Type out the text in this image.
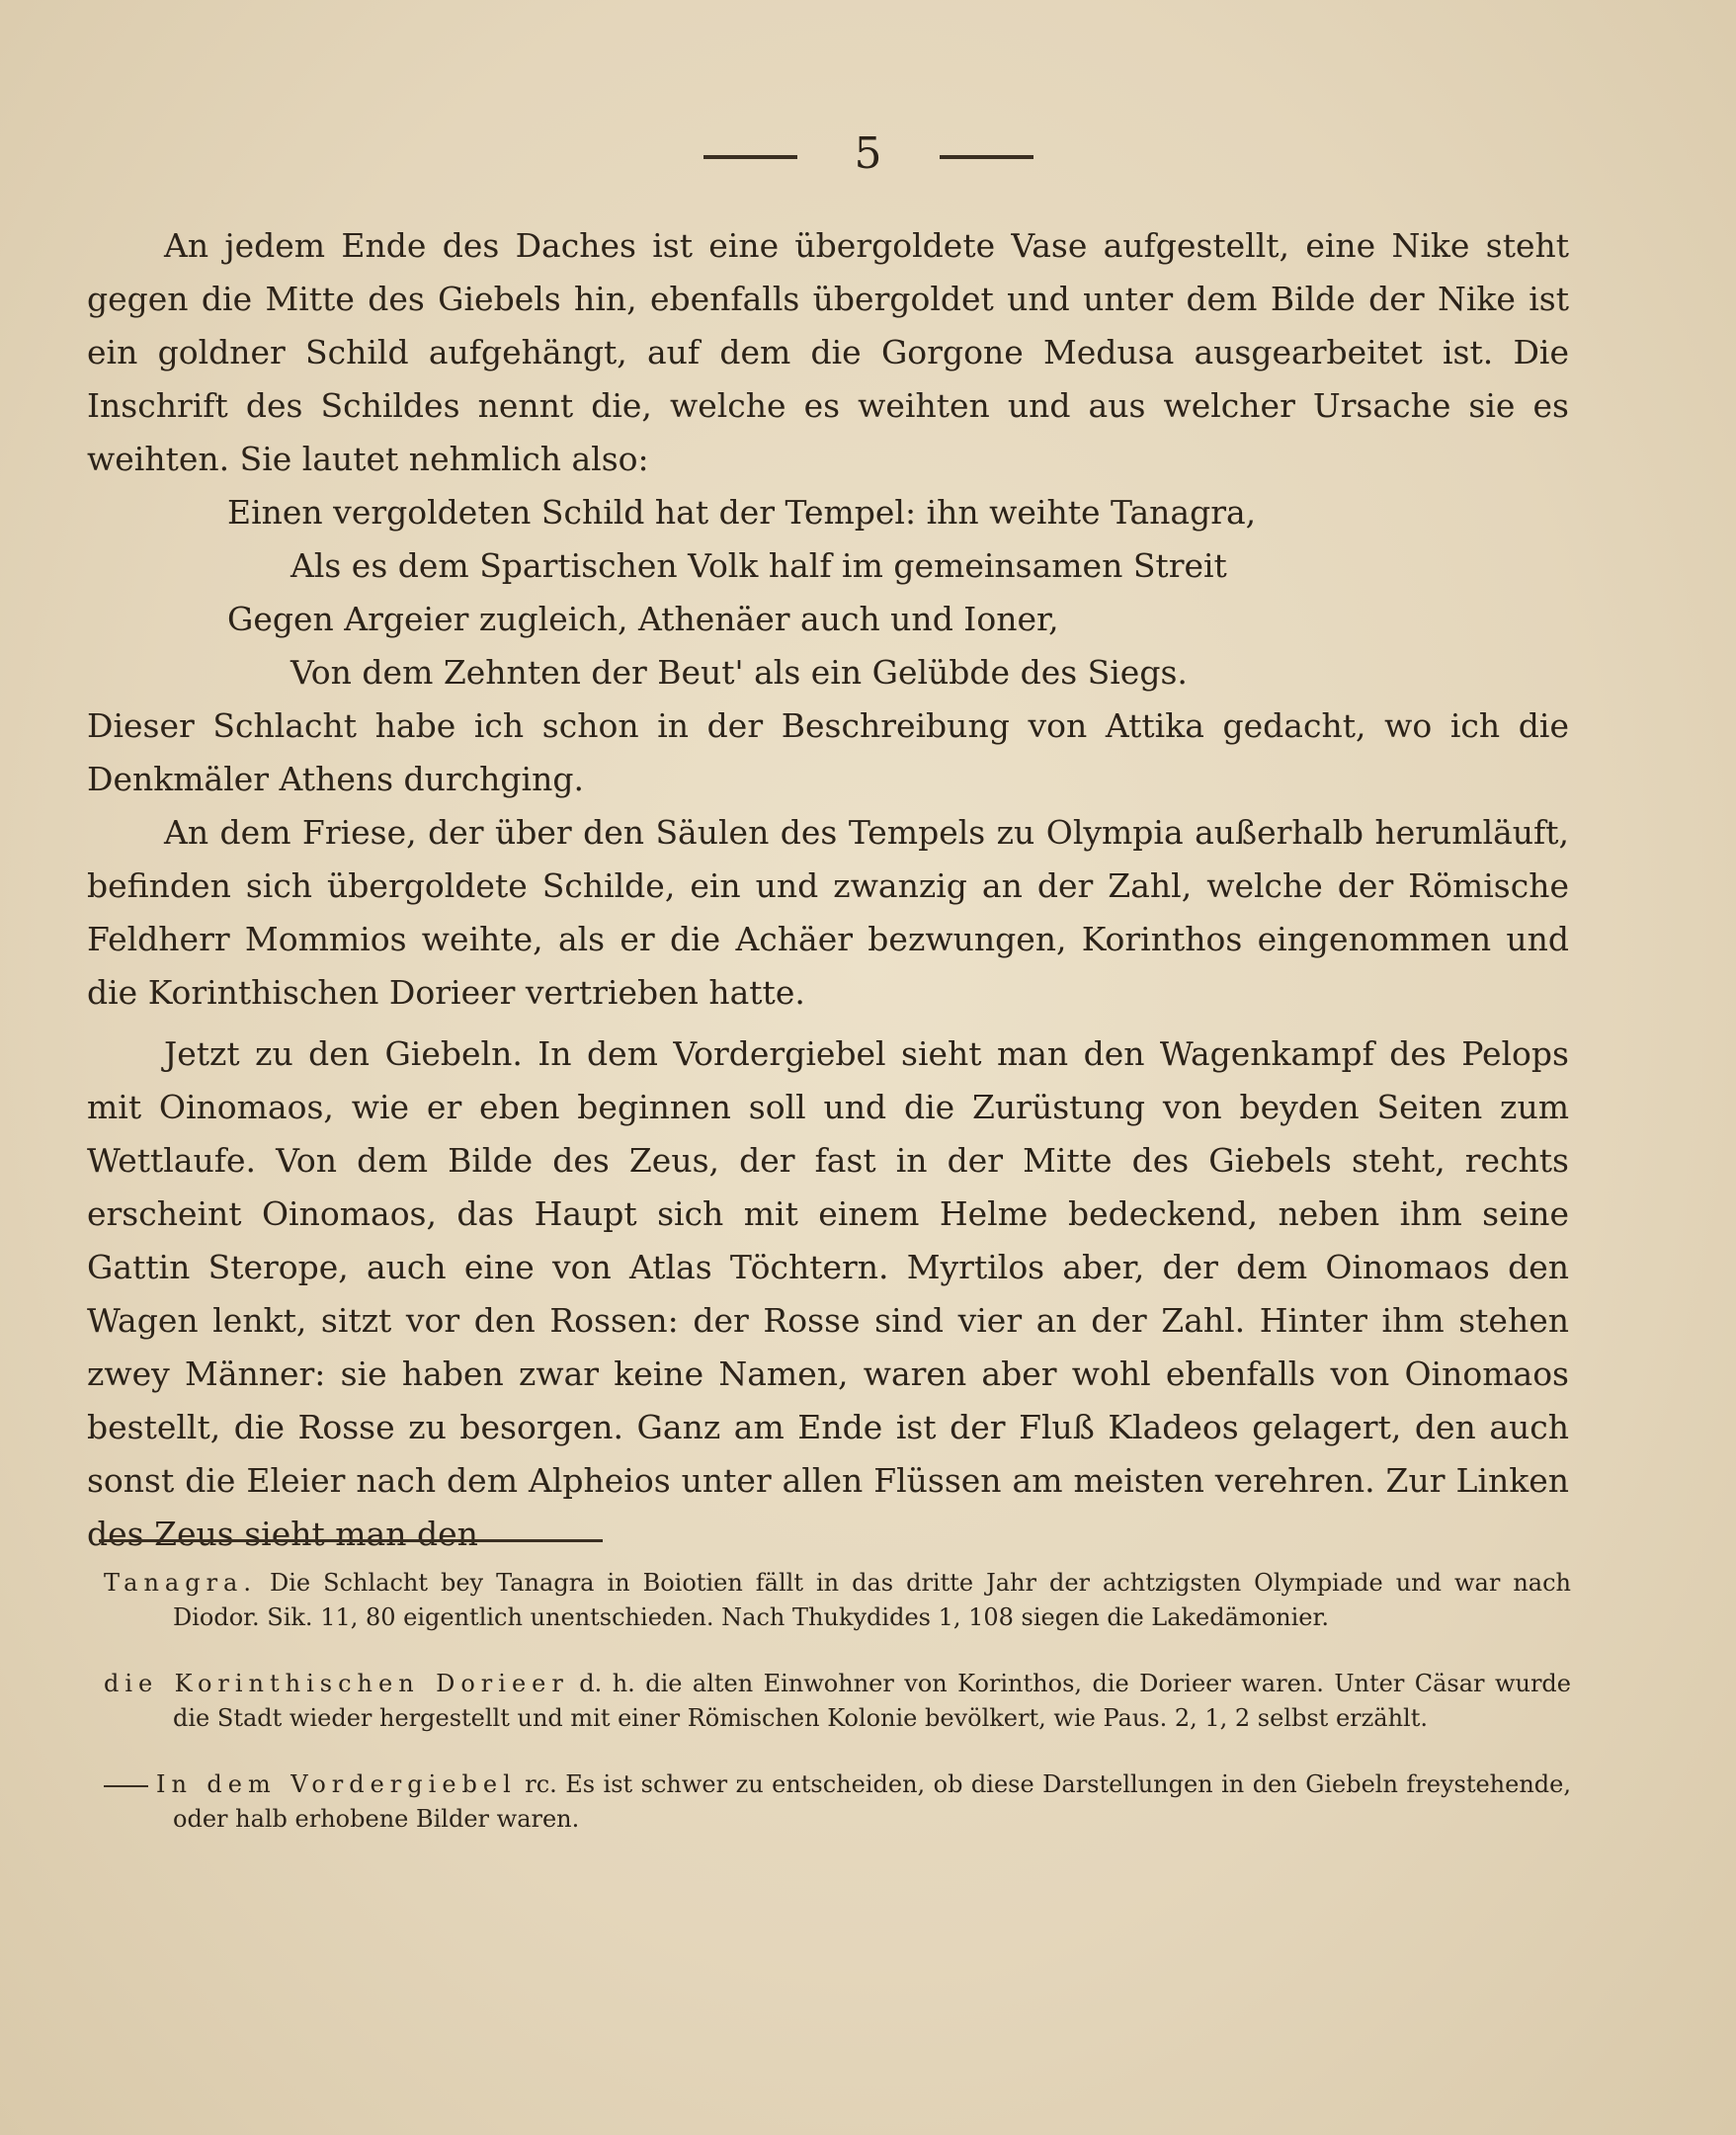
5

An jedem Ende des Daches ist eine übergoldete Vase aufgestellt, eine Nike steht gegen die Mitte des Giebels hin, ebenfalls übergoldet und unter dem Bilde der Nike ist ein goldner Schild aufgehängt, auf dem die Gorgone Medusa ausgearbeitet ist. Die Inschrift des Schildes nennt die, welche es weihten und aus welcher Ursache sie es weihten. Sie lautet nehmlich also:

Einen vergoldeten Schild hat der Tempel: ihn weihte Tanagra,
Als es dem Spartischen Volk half im gemeinsamen Streit
Gegen Argeier zugleich, Athenäer auch und Ioner,
Von dem Zehnten der Beut' als ein Gelübde des Siegs.

Dieser Schlacht habe ich schon in der Beschreibung von Attika gedacht, wo ich die Denkmäler Athens durchging.

An dem Friese, der über den Säulen des Tempels zu Olympia außerhalb herumläuft, befinden sich übergoldete Schilde, ein und zwanzig an der Zahl, welche der Römische Feldherr Mommios weihte, als er die Achäer bezwungen, Korinthos eingenommen und die Korinthischen Dorieer vertrieben hatte.

Jetzt zu den Giebeln. In dem Vordergiebel sieht man den Wagenkampf des Pelops mit Oinomaos, wie er eben beginnen soll und die Zurüstung von beyden Seiten zum Wettlaufe. Von dem Bilde des Zeus, der fast in der Mitte des Giebels steht, rechts erscheint Oinomaos, das Haupt sich mit einem Helme bedeckend, neben ihm seine Gattin Sterope, auch eine von Atlas Töchtern. Myrtilos aber, der dem Oinomaos den Wagen lenkt, sitzt vor den Rossen: der Rosse sind vier an der Zahl. Hinter ihm stehen zwey Männer: sie haben zwar keine Namen, waren aber wohl ebenfalls von Oinomaos bestellt, die Rosse zu besorgen. Ganz am Ende ist der Fluß Kladeos gelagert, den auch sonst die Eleier nach dem Alpheios unter allen Flüssen am meisten verehren. Zur Linken des Zeus sieht man den

Tanagra. Die Schlacht bey Tanagra in Boiotien fällt in das dritte Jahr der achtzigsten Olympiade und war nach Diodor. Sik. 11, 80 eigentlich unentschieden. Nach Thukydides 1, 108 siegen die Lakedämonier.

die Korinthischen Dorieer d. h. die alten Einwohner von Korinthos, die Dorieer waren. Unter Cäsar wurde die Stadt wieder hergestellt und mit einer Römischen Kolonie bevölkert, wie Paus. 2, 1, 2 selbst erzählt.

In dem Vordergiebel rc. Es ist schwer zu entscheiden, ob diese Darstellungen in den Giebeln freystehende, oder halb erhobene Bilder waren.
